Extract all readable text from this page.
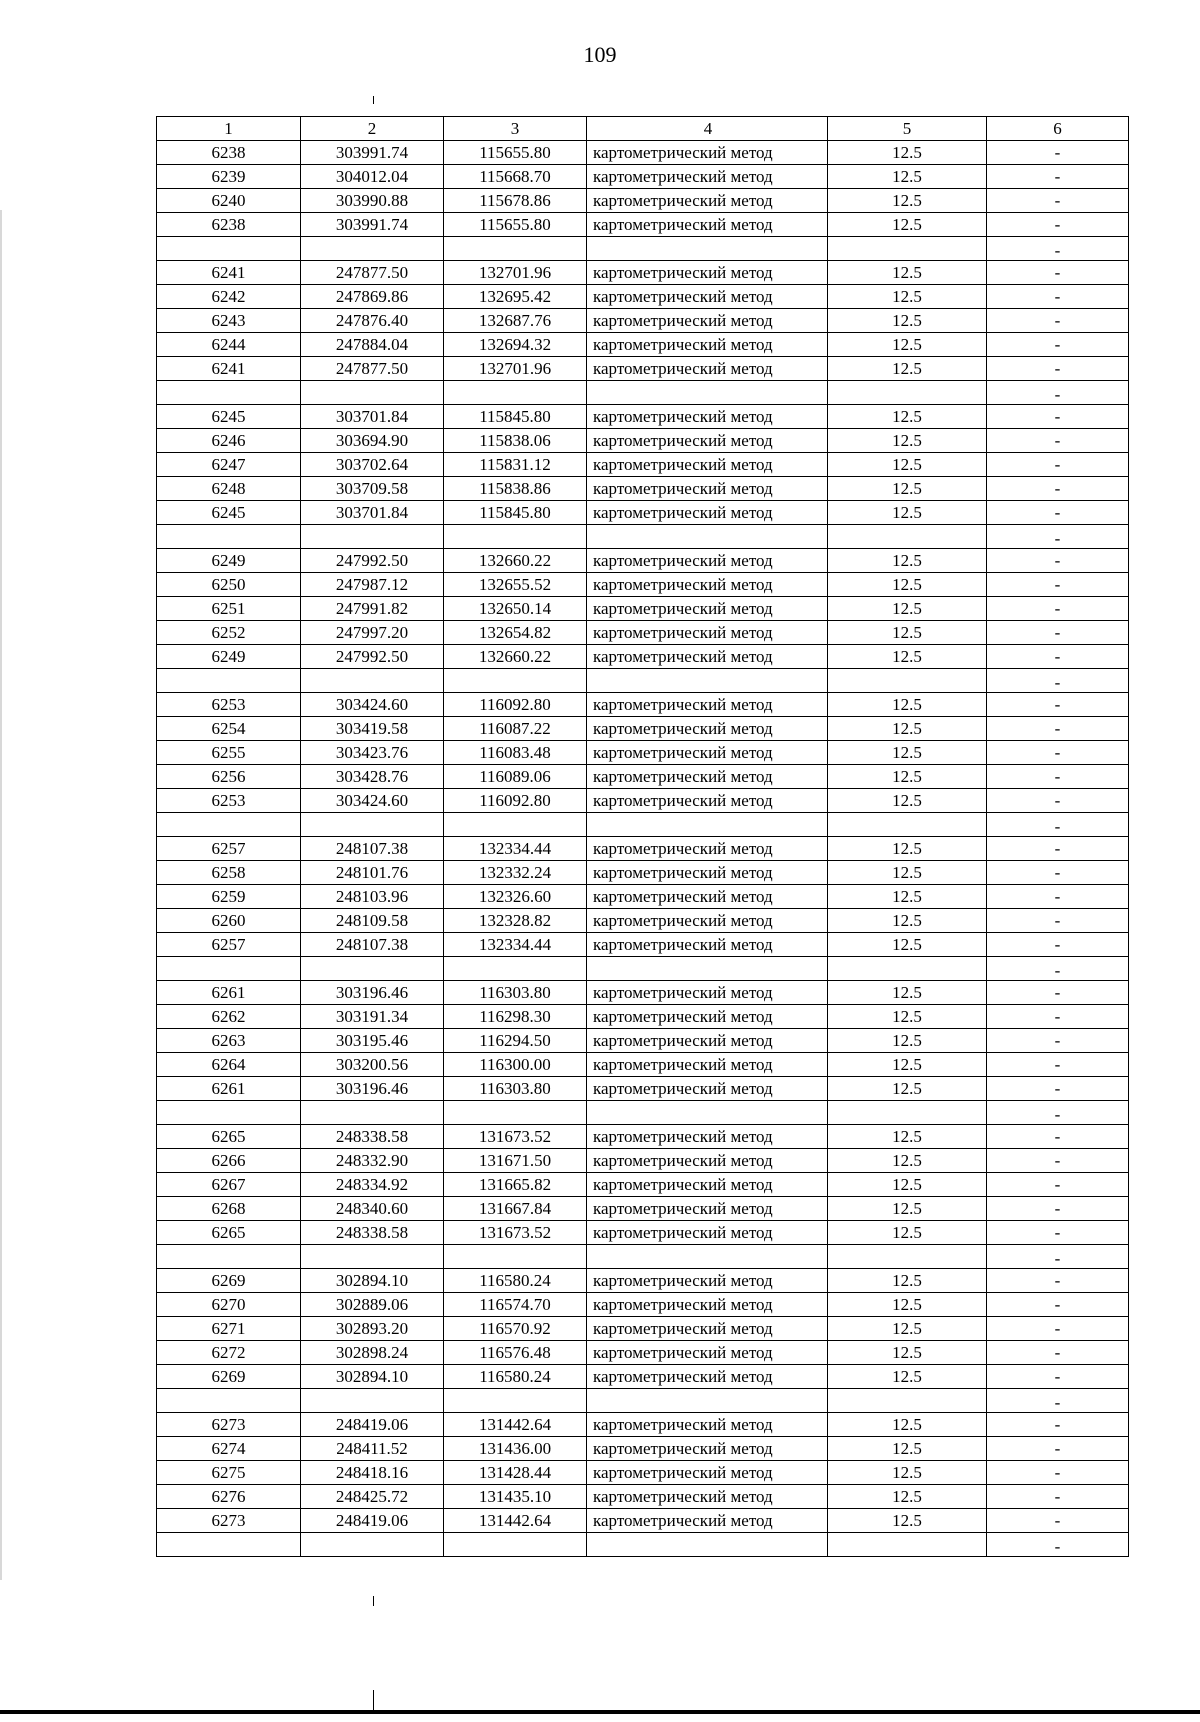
109
1	2	3	4	5	6
6238	303991.74	115655.80	картометрический метод	12.5	-
6239	304012.04	115668.70	картометрический метод	12.5	-
6240	303990.88	115678.86	картометрический метод	12.5	-
6238	303991.74	115655.80	картометрический метод	12.5	-
					-
6241	247877.50	132701.96	картометрический метод	12.5	-
6242	247869.86	132695.42	картометрический метод	12.5	-
6243	247876.40	132687.76	картометрический метод	12.5	-
6244	247884.04	132694.32	картометрический метод	12.5	-
6241	247877.50	132701.96	картометрический метод	12.5	-
					-
6245	303701.84	115845.80	картометрический метод	12.5	-
6246	303694.90	115838.06	картометрический метод	12.5	-
6247	303702.64	115831.12	картометрический метод	12.5	-
6248	303709.58	115838.86	картометрический метод	12.5	-
6245	303701.84	115845.80	картометрический метод	12.5	-
					-
6249	247992.50	132660.22	картометрический метод	12.5	-
6250	247987.12	132655.52	картометрический метод	12.5	-
6251	247991.82	132650.14	картометрический метод	12.5	-
6252	247997.20	132654.82	картометрический метод	12.5	-
6249	247992.50	132660.22	картометрический метод	12.5	-
					-
6253	303424.60	116092.80	картометрический метод	12.5	-
6254	303419.58	116087.22	картометрический метод	12.5	-
6255	303423.76	116083.48	картометрический метод	12.5	-
6256	303428.76	116089.06	картометрический метод	12.5	-
6253	303424.60	116092.80	картометрический метод	12.5	-
					-
6257	248107.38	132334.44	картометрический метод	12.5	-
6258	248101.76	132332.24	картометрический метод	12.5	-
6259	248103.96	132326.60	картометрический метод	12.5	-
6260	248109.58	132328.82	картометрический метод	12.5	-
6257	248107.38	132334.44	картометрический метод	12.5	-
					-
6261	303196.46	116303.80	картометрический метод	12.5	-
6262	303191.34	116298.30	картометрический метод	12.5	-
6263	303195.46	116294.50	картометрический метод	12.5	-
6264	303200.56	116300.00	картометрический метод	12.5	-
6261	303196.46	116303.80	картометрический метод	12.5	-
					-
6265	248338.58	131673.52	картометрический метод	12.5	-
6266	248332.90	131671.50	картометрический метод	12.5	-
6267	248334.92	131665.82	картометрический метод	12.5	-
6268	248340.60	131667.84	картометрический метод	12.5	-
6265	248338.58	131673.52	картометрический метод	12.5	-
					-
6269	302894.10	116580.24	картометрический метод	12.5	-
6270	302889.06	116574.70	картометрический метод	12.5	-
6271	302893.20	116570.92	картометрический метод	12.5	-
6272	302898.24	116576.48	картометрический метод	12.5	-
6269	302894.10	116580.24	картометрический метод	12.5	-
					-
6273	248419.06	131442.64	картометрический метод	12.5	-
6274	248411.52	131436.00	картометрический метод	12.5	-
6275	248418.16	131428.44	картометрический метод	12.5	-
6276	248425.72	131435.10	картометрический метод	12.5	-
6273	248419.06	131442.64	картометрический метод	12.5	-
					-
